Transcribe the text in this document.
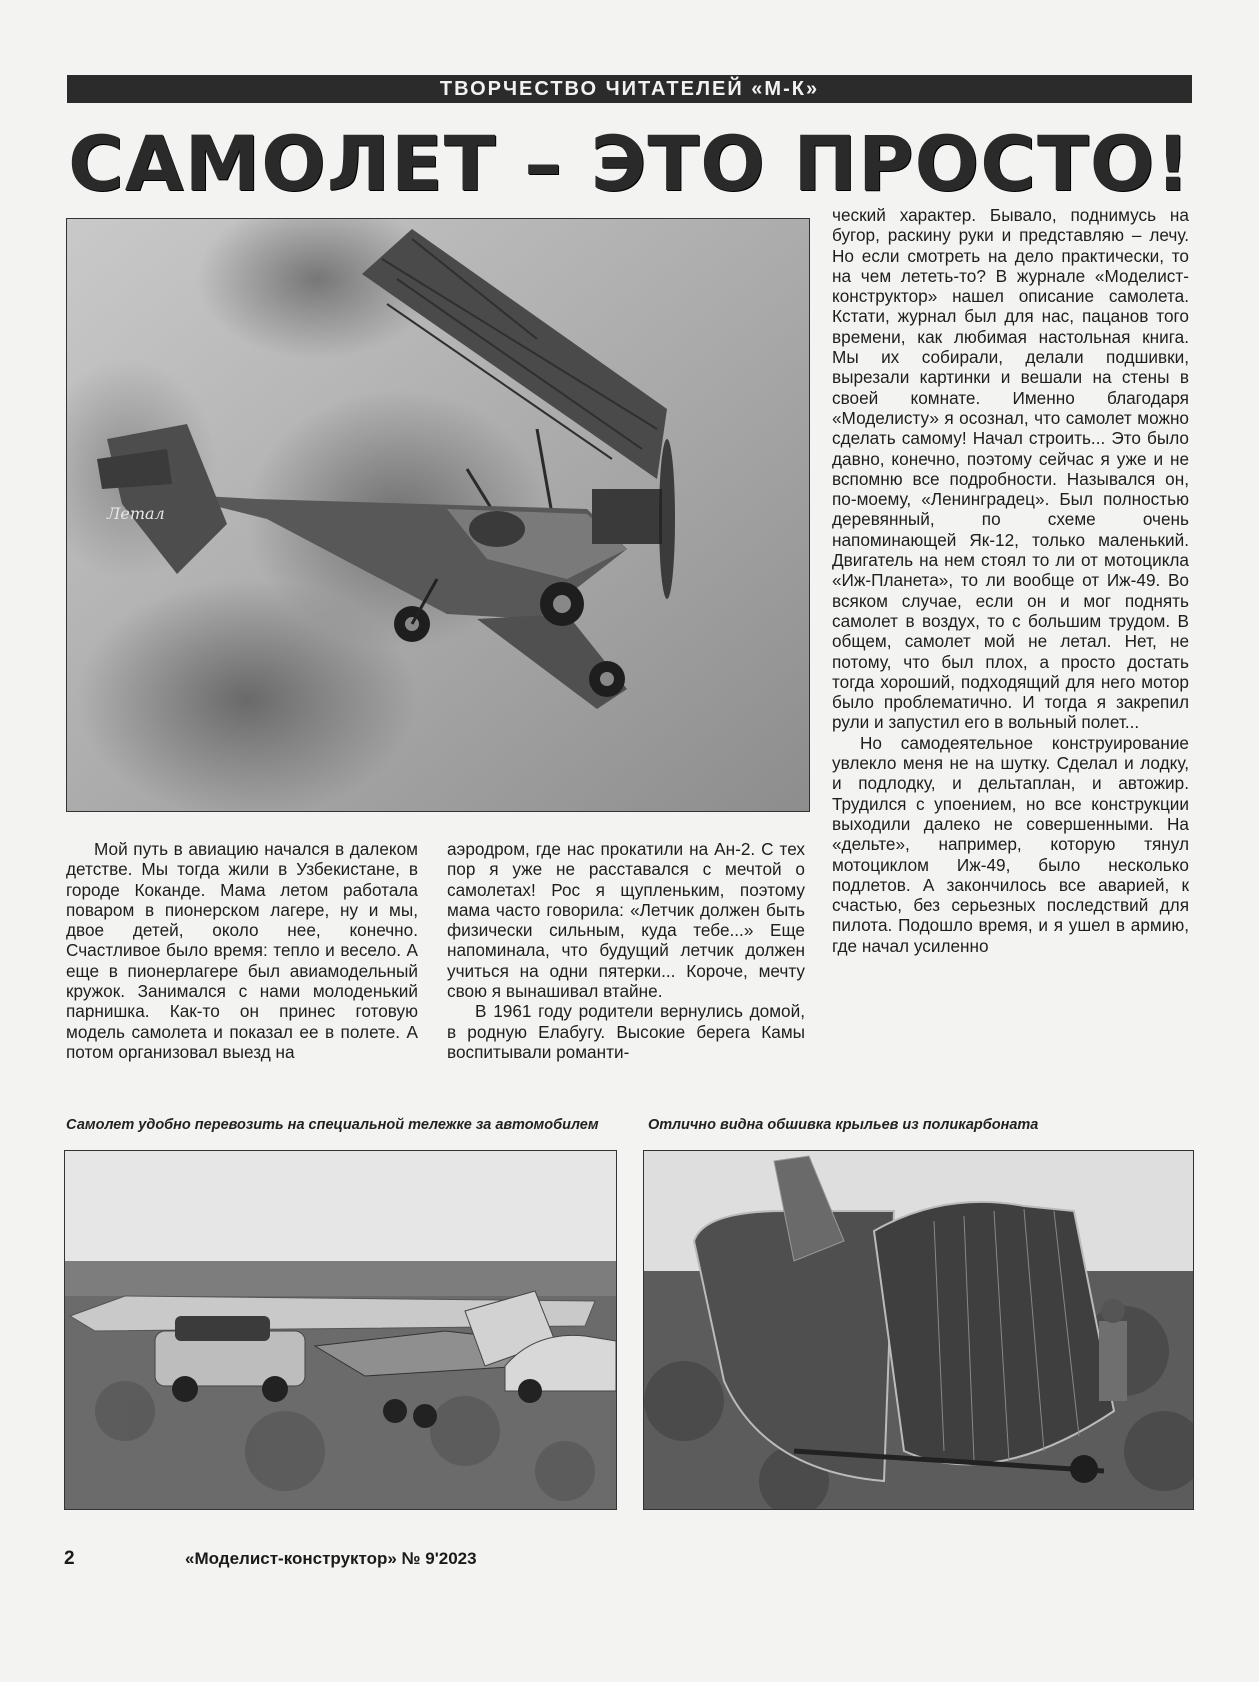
ТВОРЧЕСТВО ЧИТАТЕЛЕЙ «М-К»
САМОЛЕТ – ЭТО ПРОСТО!
Летал

ческий характер. Бывало, поднимусь на бугор, раскину руки и представляю – лечу. Но если смотреть на дело практически, то на чем лететь-то? В журнале «Моделист-конструктор» нашел описание самолета. Кстати, журнал был для нас, пацанов того времени, как любимая настольная книга. Мы их собирали, делали подшивки, вырезали картинки и вешали на стены в своей комнате. Именно благодаря «Моделисту» я осознал, что самолет можно сделать самому! Начал строить... Это было давно, конечно, поэтому сейчас я уже и не вспомню все подробности. Назывался он, по-моему, «Ленинградец». Был полностью деревянный, по схеме очень напоминающей Як-12, только маленький. Двигатель на нем стоял то ли от мотоцикла «Иж-Планета», то ли вообще от Иж-49. Во всяком случае, если он и мог поднять самолет в воздух, то с большим трудом. В общем, самолет мой не летал. Нет, не потому, что был плох, а просто достать тогда хороший, подходящий для него мотор было проблематично. И тогда я закрепил рули и запустил его в вольный полет...

Но самодеятельное конструирование увлекло меня не на шутку. Сделал и лодку, и подлодку, и дельтаплан, и автожир. Трудился с упоением, но все конструкции выходили далеко не совершенными. На «дельте», например, которую тянул мотоциклом Иж-49, было несколько подлетов. А закончилось все аварией, к счастью, без серьезных последствий для пилота. Подошло время, и я ушел в армию, где начал усиленно

Мой путь в авиацию начался в далеком детстве. Мы тогда жили в Узбекистане, в городе Коканде. Мама летом работала поваром в пионерском лагере, ну и мы, двое детей, около нее, конечно. Счастливое было время: тепло и весело. А еще в пионерлагере был авиамодельный кружок. Занимался с нами молоденький парнишка. Как-то он принес готовую модель самолета и показал ее в полете. А потом организовал выезд на

аэродром, где нас прокатили на Ан-2. С тех пор я уже не расставался с мечтой о самолетах! Рос я щупленьким, поэтому мама часто говорила: «Летчик должен быть физически сильным, куда тебе...» Еще напоминала, что будущий летчик должен учиться на одни пятерки... Короче, мечту свою я вынашивал втайне.

В 1961 году родители вернулись домой, в родную Елабугу. Высокие берега Камы воспитывали романти-

Самолет удобно перевозить на специальной тележке за автомобилем	Отлично видна обшивка крыльев из поликарбоната
2	«Моделист-конструктор» № 9'2023
